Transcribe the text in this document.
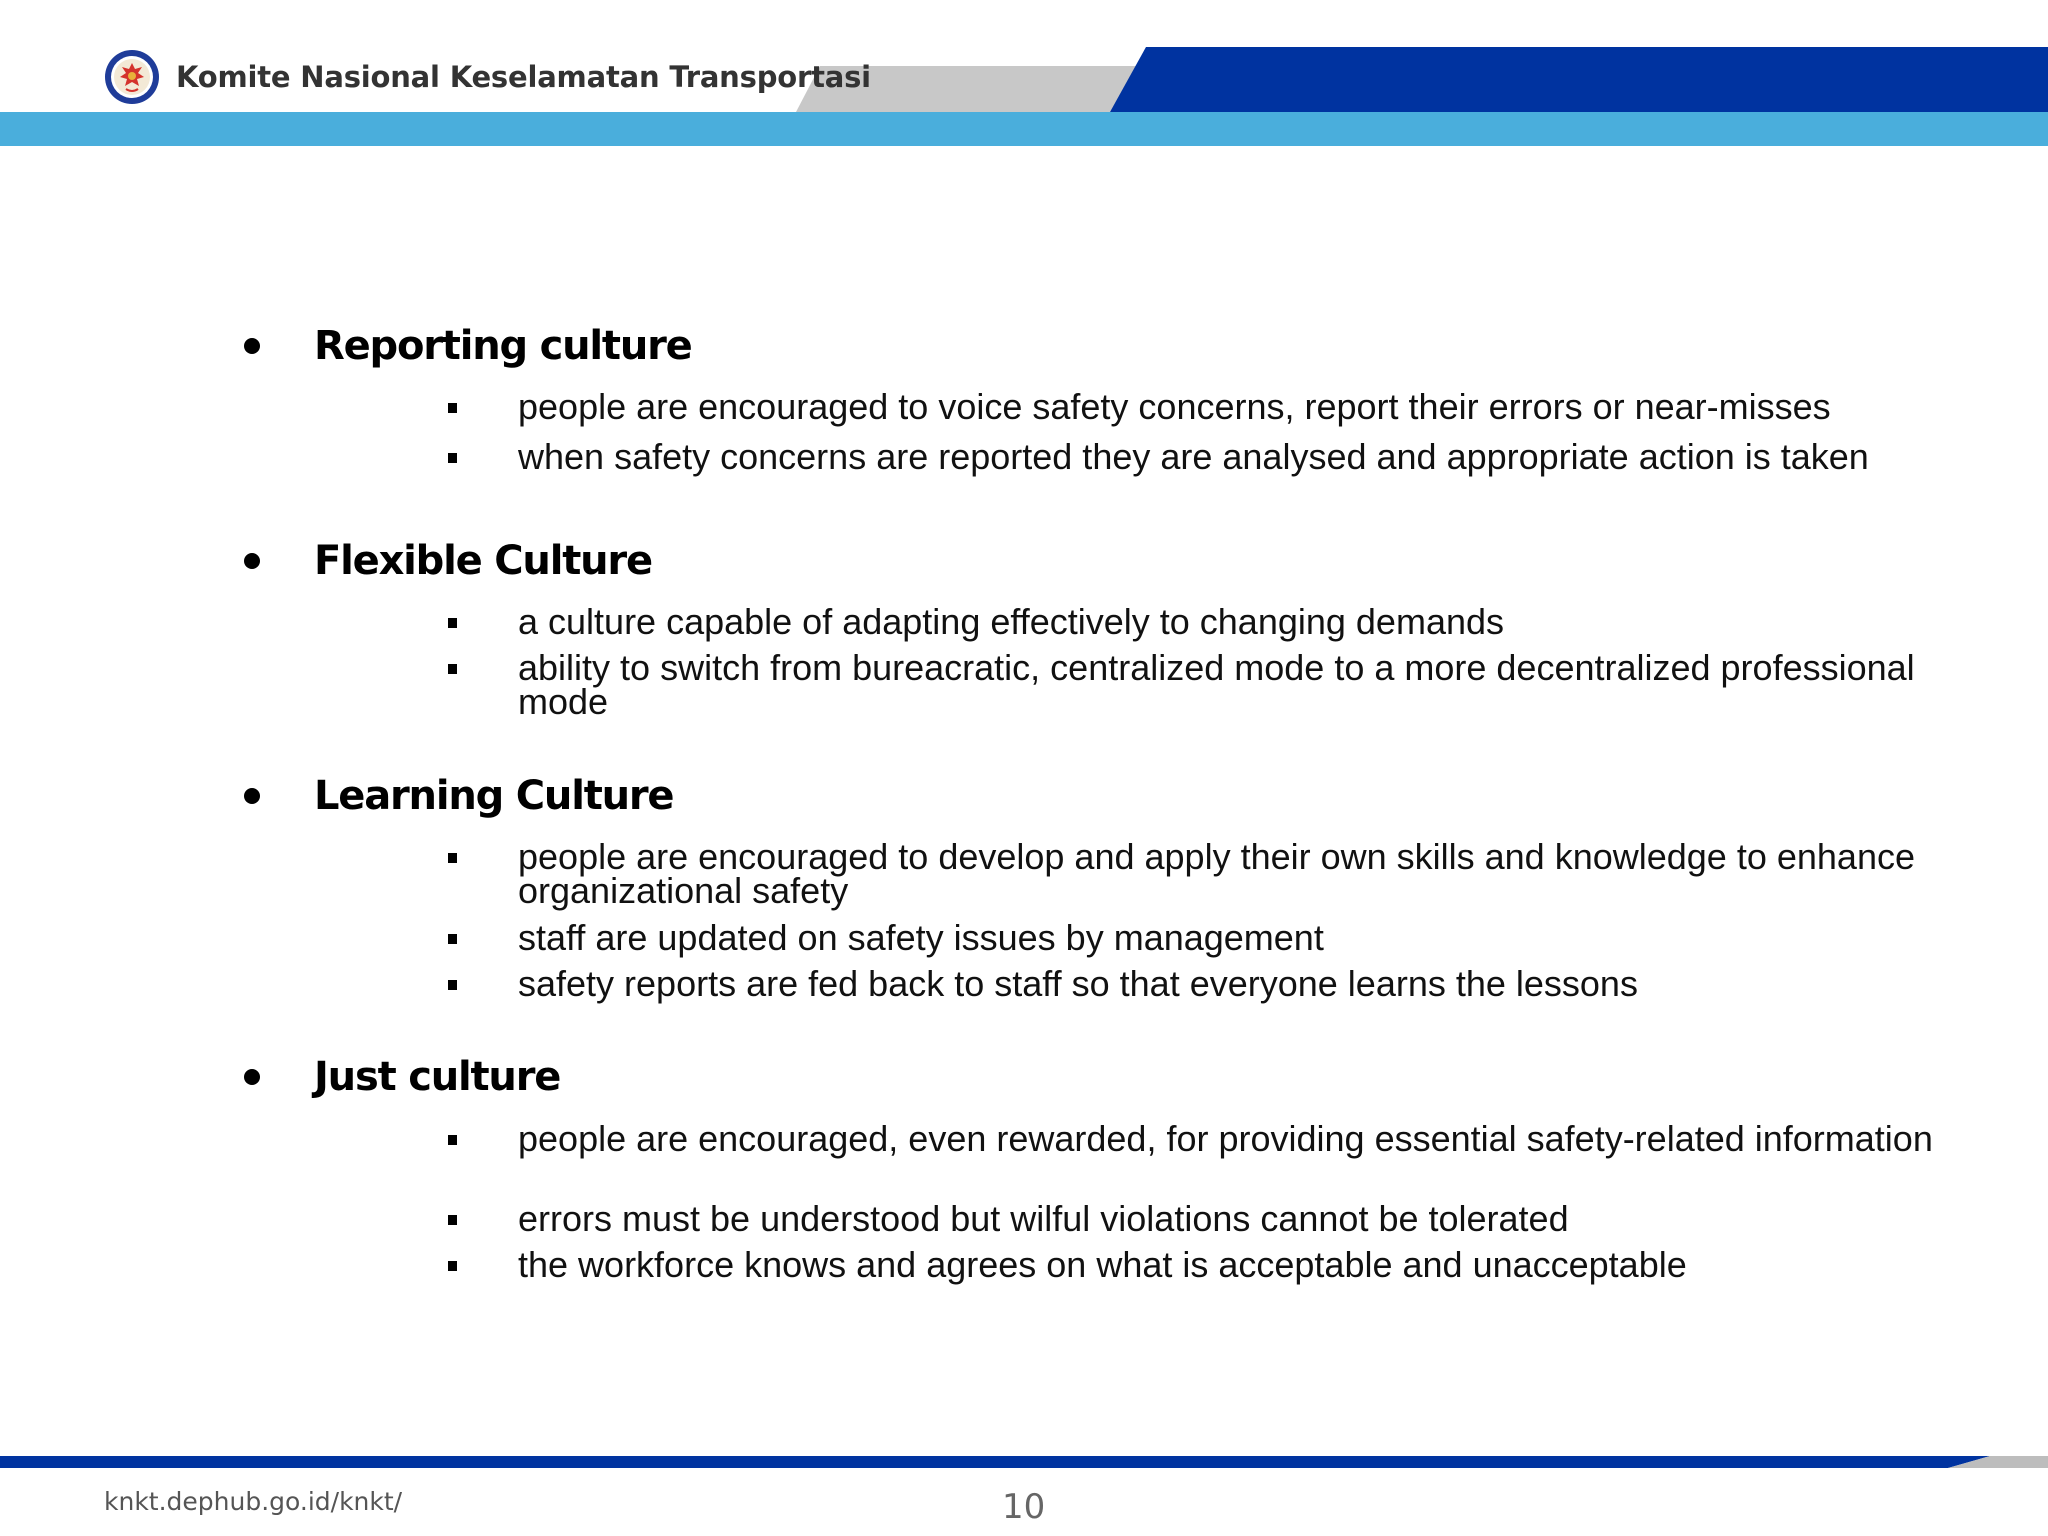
Komite Nasional Keselamatan Transportasi
Reporting culture
people are encouraged to voice safety concerns, report their errors or near-misses
when safety concerns are reported they are analysed and appropriate action is taken
Flexible Culture
a culture capable of adapting effectively to changing demands
ability to switch from bureacratic, centralized mode to a more decentralized professional mode
Learning Culture
people are encouraged to develop and apply their own skills and knowledge to enhance organizational safety
staff are updated on safety issues by management
safety reports are fed back to staff so that everyone learns the lessons
Just culture
people are encouraged, even rewarded, for providing essential safety-related information
errors must be understood but wilful violations cannot be tolerated
the workforce knows and agrees on what is acceptable and unacceptable
knkt.dephub.go.id/knkt/	10
